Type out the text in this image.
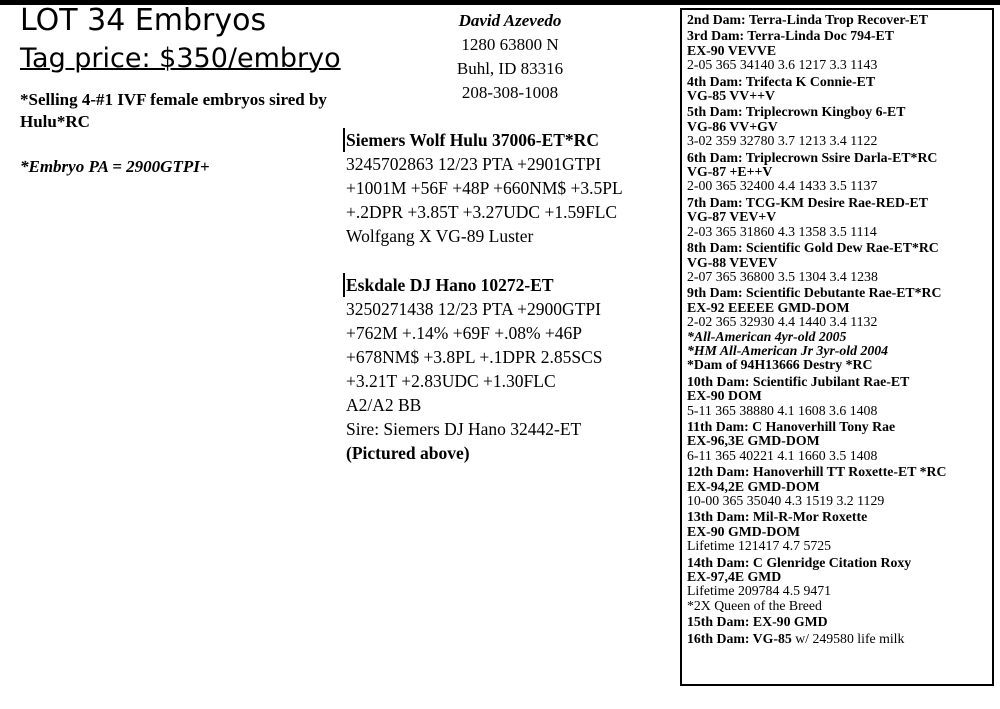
LOT 34 Embryos
Tag price: $350/embryo
*Selling 4-#1 IVF female embryos sired by Hulu*RC
*Embryo PA = 2900GTPI+
David Azevedo
1280 63800 N
Buhl, ID 83316
208-308-1008
Siemers Wolf Hulu 37006-ET*RC
3245702863 12/23 PTA +2901GTPI
+1001M +56F +48P +660NM$ +3.5PL
+.2DPR +3.85T +3.27UDC +1.59FLC
Wolfgang X VG-89 Luster
Eskdale DJ Hano 10272-ET
3250271438 12/23 PTA +2900GTPI
+762M +.14% +69F +.08% +46P
+678NM$ +3.8PL +.1DPR 2.85SCS
+3.21T +2.83UDC +1.30FLC
A2/A2 BB
Sire: Siemers DJ Hano 32442-ET
(Pictured above)
2nd Dam: Terra-Linda Trop Recover-ET
3rd Dam: Terra-Linda Doc 794-ET
EX-90 VEVVE
2-05 365 34140 3.6 1217 3.3 1143
4th Dam: Trifecta K Connie-ET
VG-85 VV++V
5th Dam: Triplecrown Kingboy 6-ET
VG-86 VV+GV
3-02 359 32780 3.7 1213 3.4 1122
6th Dam: Triplecrown Ssire Darla-ET*RC
VG-87 +E++V
2-00 365 32400 4.4 1433 3.5 1137
7th Dam: TCG-KM Desire Rae-RED-ET
VG-87 VEV+V
2-03 365 31860 4.3 1358 3.5 1114
8th Dam: Scientific Gold Dew Rae-ET*RC
VG-88 VEVEV
2-07 365 36800 3.5 1304 3.4 1238
9th Dam: Scientific Debutante Rae-ET*RC
EX-92 EEEEE GMD-DOM
2-02 365 32930 4.4 1440 3.4 1132
*All-American 4yr-old 2005
*HM All-American Jr 3yr-old 2004
*Dam of 94H13666 Destry *RC
10th Dam: Scientific Jubilant Rae-ET
EX-90 DOM
5-11 365 38880 4.1 1608 3.6 1408
11th Dam: C Hanoverhill Tony Rae
EX-96,3E GMD-DOM
6-11 365 40221 4.1 1660 3.5 1408
12th Dam: Hanoverhill TT Roxette-ET *RC
EX-94,2E GMD-DOM
10-00 365 35040 4.3 1519 3.2 1129
13th Dam: Mil-R-Mor Roxette
EX-90 GMD-DOM
Lifetime 121417 4.7 5725
14th Dam: C Glenridge Citation Roxy
EX-97,4E GMD
Lifetime 209784 4.5 9471
*2X Queen of the Breed
15th Dam: EX-90 GMD
16th Dam: VG-85 w/ 249580 life milk
